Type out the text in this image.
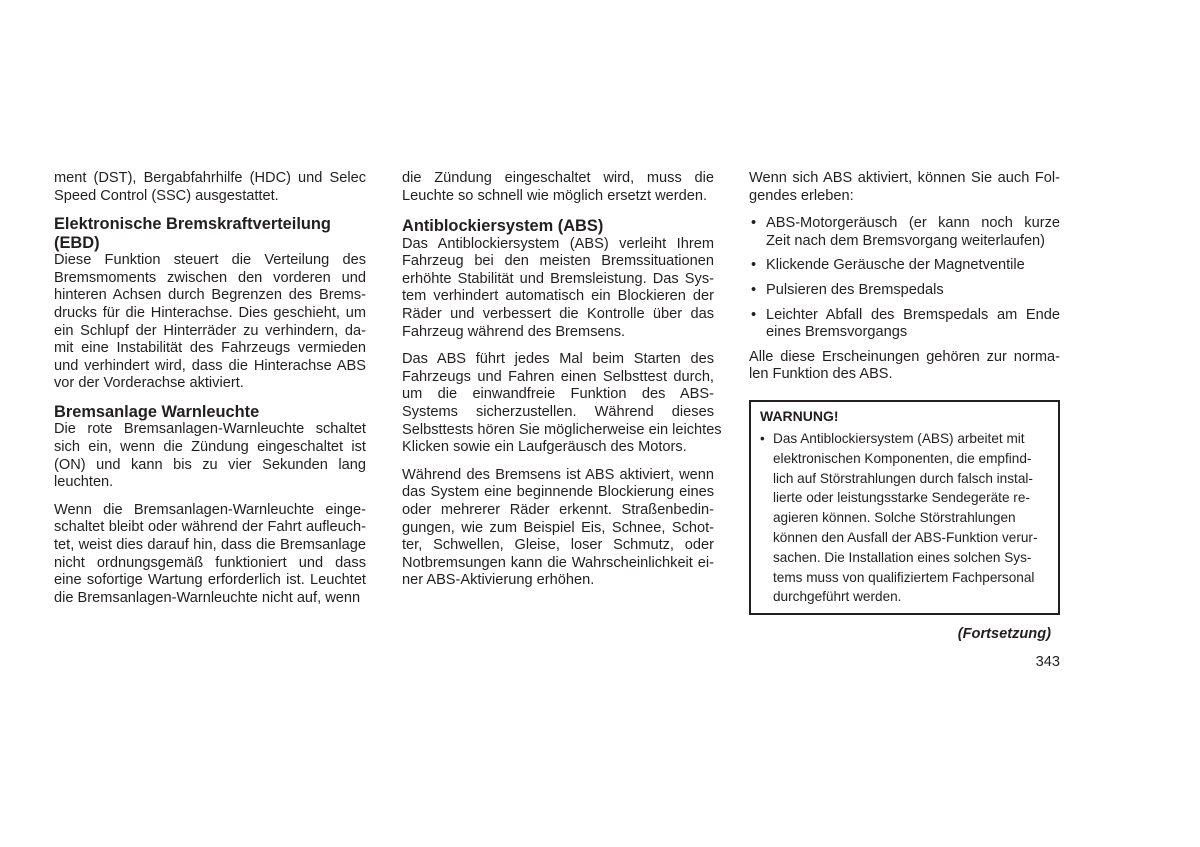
ment (DST), Bergabfahrhilfe (HDC) und Selec
Speed Control (SSC) ausgestattet.

Elektronische Bremskraftverteilung
(EBD)

Diese Funktion steuert die Verteilung des
Bremsmoments zwischen den vorderen und
hinteren Achsen durch Begrenzen des Brems-
drucks für die Hinterachse. Dies geschieht, um
ein Schlupf der Hinterräder zu verhindern, da-
mit eine Instabilität des Fahrzeugs vermieden
und verhindert wird, dass die Hinterachse ABS
vor der Vorderachse aktiviert.

Bremsanlage Warnleuchte

Die rote Bremsanlagen-Warnleuchte schaltet
sich ein, wenn die Zündung eingeschaltet ist
(ON) und kann bis zu vier Sekunden lang
leuchten.

Wenn die Bremsanlagen-Warnleuchte einge-
schaltet bleibt oder während der Fahrt aufleuch-
tet, weist dies darauf hin, dass die Bremsanlage
nicht ordnungsgemäß funktioniert und dass
eine sofortige Wartung erforderlich ist. Leuchtet
die Bremsanlagen-Warnleuchte nicht auf, wenn

die Zündung eingeschaltet wird, muss die
Leuchte so schnell wie möglich ersetzt werden.

Antiblockiersystem (ABS)

Das Antiblockiersystem (ABS) verleiht Ihrem
Fahrzeug bei den meisten Bremssituationen
erhöhte Stabilität und Bremsleistung. Das Sys-
tem verhindert automatisch ein Blockieren der
Räder und verbessert die Kontrolle über das
Fahrzeug während des Bremsens.

Das ABS führt jedes Mal beim Starten des
Fahrzeugs und Fahren einen Selbsttest durch,
um die einwandfreie Funktion des ABS-
Systems sicherzustellen. Während dieses
Selbsttests hören Sie möglicherweise ein leichtes
Klicken sowie ein Laufgeräusch des Motors.

Während des Bremsens ist ABS aktiviert, wenn
das System eine beginnende Blockierung eines
oder mehrerer Räder erkennt. Straßenbedin-
gungen, wie zum Beispiel Eis, Schnee, Schot-
ter, Schwellen, Gleise, loser Schmutz, oder
Notbremsungen kann die Wahrscheinlichkeit ei-
ner ABS-Aktivierung erhöhen.

Wenn sich ABS aktiviert, können Sie auch Fol-
gendes erleben:

• ABS-Motorgeräusch (er kann noch kurze
Zeit nach dem Bremsvorgang weiterlaufen)
• Klickende Geräusche der Magnetventile
• Pulsieren des Bremspedals
• Leichter Abfall des Bremspedals am Ende
eines Bremsvorgangs

Alle diese Erscheinungen gehören zur norma-
len Funktion des ABS.

WARNUNG!
• Das Antiblockiersystem (ABS) arbeitet mit
elektronischen Komponenten, die empfind-
lich auf Störstrahlungen durch falsch instal-
lierte oder leistungsstarke Sendegeräte re-
agieren können. Solche Störstrahlungen
können den Ausfall der ABS-Funktion verur-
sachen. Die Installation eines solchen Sys-
tems muss von qualifiziertem Fachpersonal
durchgeführt werden.
(Fortsetzung)
343
